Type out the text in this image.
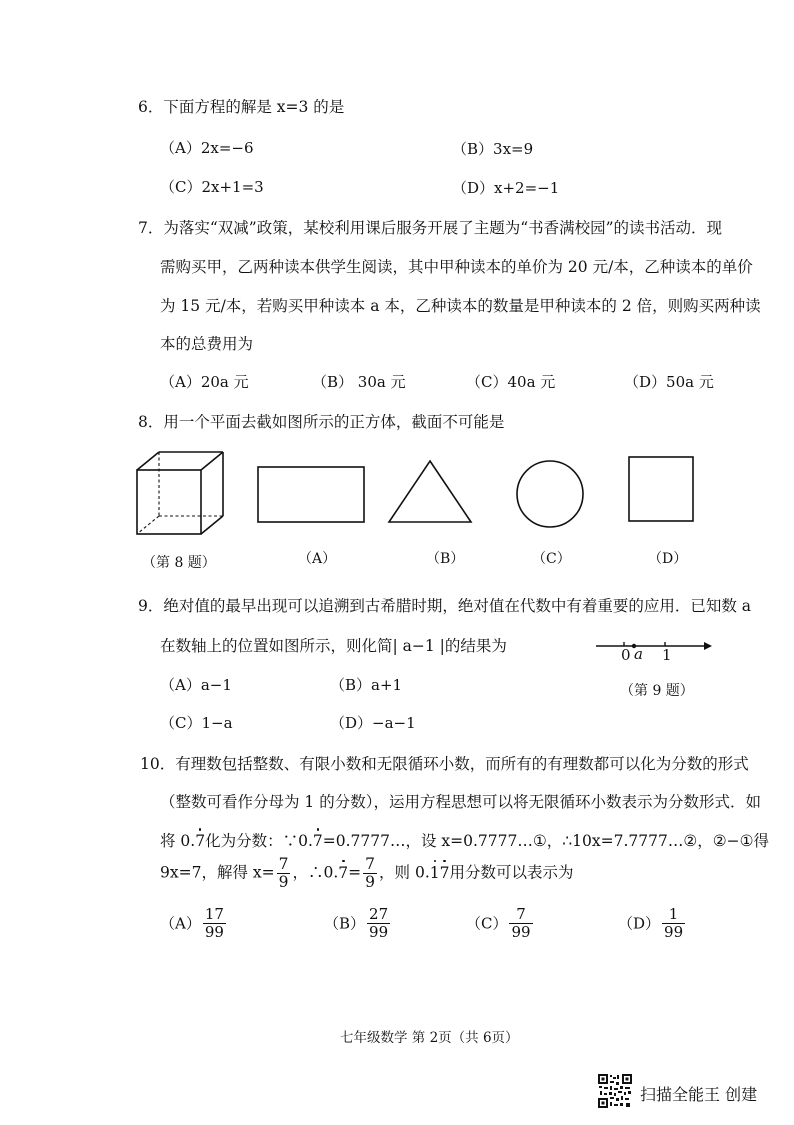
6．下面方程的解是 x=3 的是
（A）2x=−6	（B）3x=9
（C）2x+1=3	（D）x+2=−1
7．为落实“双减”政策，某校利用课后服务开展了主题为“书香满校园”的读书活动．现
需购买甲，乙两种读本供学生阅读，其中甲种读本的单价为 20 元/本，乙种读本的单价
为 15 元/本，若购买甲种读本 a 本，乙种读本的数量是甲种读本的 2 倍，则购买两种读
本的总费用为
（A）20a 元	（B） 30a 元	（C）40a 元	（D）50a 元
8．用一个平面去截如图所示的正方体，截面不可能是
（第 8 题）	（A）	（B）	（C）	（D）
9．绝对值的最早出现可以追溯到古希腊时期，绝对值在代数中有着重要的应用．已知数 a
在数轴上的位置如图所示，则化简| a−1 |的结果为	0 a 1
（A）a−1	（B）a+1	（第 9 题）
（C）1−a	（D）−a−1
10．有理数包括整数、有限小数和无限循环小数，而所有的有理数都可以化为分数的形式
（整数可看作分母为 1 的分数），运用方程思想可以将无限循环小数表示为分数形式．如
将 0.7化为分数：∵0.7=0.7777…，设 x=0.7777…①，∴10x=7.7777…②，②−①得
9x=7，解得 $x= \frac{7}{9}$ ，∴0.7= $\frac{7}{9}$ ，则 0.17用分数可以表示为
$(A) \frac{17}{99}$	$(B) \frac{27}{99}$	$(C) \frac{7}{99}$	$(D) \frac{1}{99}$
七年级数学 第 2页（共 6页）
扫描全能王 创建
